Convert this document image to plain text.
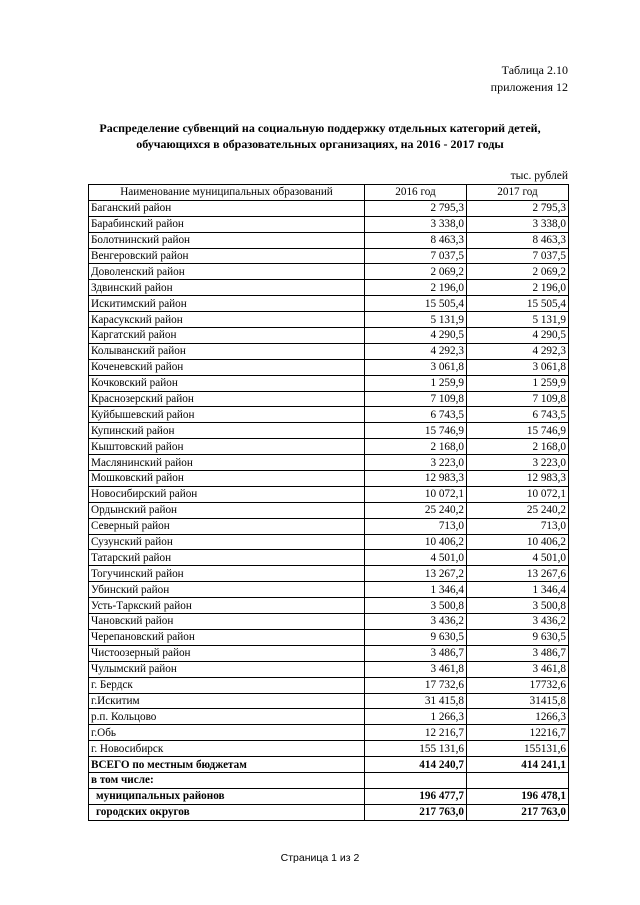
Таблица 2.10
приложения 12
Распределение субвенций на социальную поддержку отдельных категорий детей,
обучающихся в образовательных организациях, на 2016 - 2017 годы
тыс. рублей
Наименование муниципальных образований	2016 год	2017 год
Баганский район	2 795,3	2 795,3
Барабинский район	3 338,0	3 338,0
Болотнинский район	8 463,3	8 463,3
Венгеровский район	7 037,5	7 037,5
Доволенский район	2 069,2	2 069,2
Здвинский район	2 196,0	2 196,0
Искитимский район	15 505,4	15 505,4
Карасукский район	5 131,9	5 131,9
Каргатский район	4 290,5	4 290,5
Колыванский район	4 292,3	4 292,3
Коченевский район	3 061,8	3 061,8
Кочковский район	1 259,9	1 259,9
Краснозерский район	7 109,8	7 109,8
Куйбышевский район	6 743,5	6 743,5
Купинский район	15 746,9	15 746,9
Кыштовский район	2 168,0	2 168,0
Маслянинский район	3 223,0	3 223,0
Мошковский район	12 983,3	12 983,3
Новосибирский район	10 072,1	10 072,1
Ордынский район	25 240,2	25 240,2
Северный район	713,0	713,0
Сузунский район	10 406,2	10 406,2
Татарский район	4 501,0	4 501,0
Тогучинский район	13 267,2	13 267,6
Убинский район	1 346,4	1 346,4
Усть-Таркский район	3 500,8	3 500,8
Чановский район	3 436,2	3 436,2
Черепановский район	9 630,5	9 630,5
Чистоозерный район	3 486,7	3 486,7
Чулымский район	3 461,8	3 461,8
г. Бердск	17 732,6	17732,6
г.Искитим	31 415,8	31415,8
р.п. Кольцово	1 266,3	1266,3
г.Обь	12 216,7	12216,7
г. Новосибирск	155 131,6	155131,6
ВСЕГО по местным бюджетам	414 240,7	414 241,1
в том числе:		
муниципальных районов	196 477,7	196 478,1
городских округов	217 763,0	217 763,0
Страница 1 из 2
